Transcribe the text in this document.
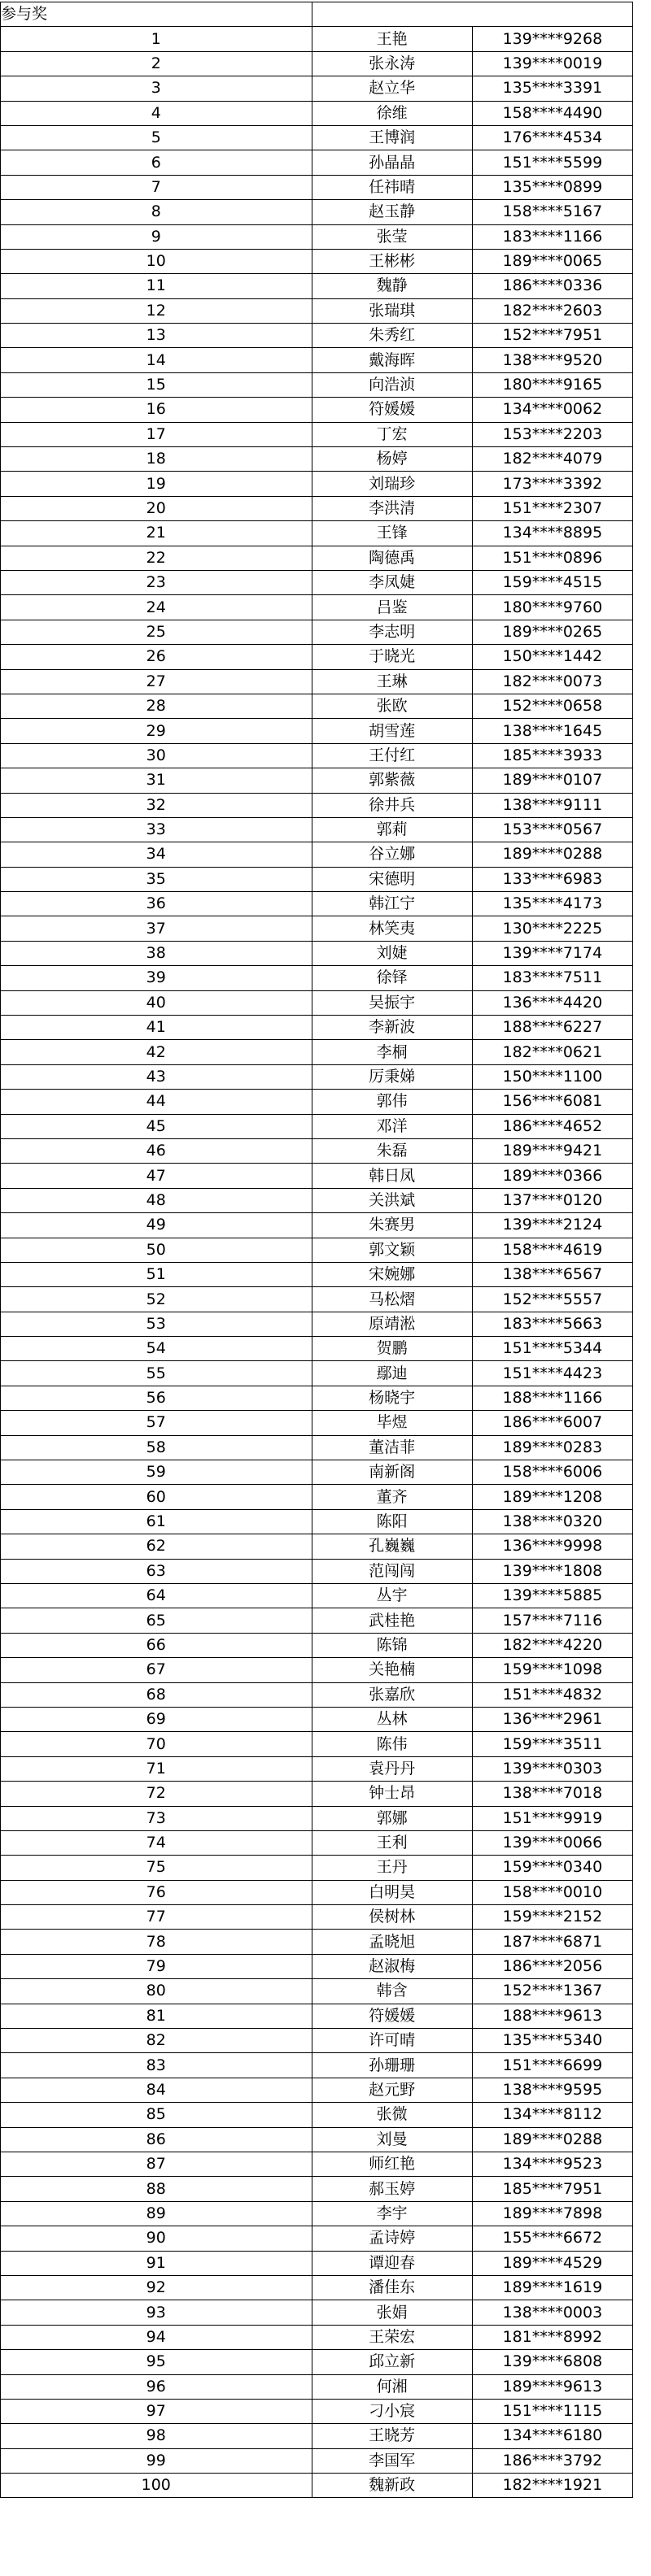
参与奖		
1	王艳	139****9268
2	张永涛	139****0019
3	赵立华	135****3391
4	徐维	158****4490
5	王博润	176****4534
6	孙晶晶	151****5599
7	任祎晴	135****0899
8	赵玉静	158****5167
9	张莹	183****1166
10	王彬彬	189****0065
11	魏静	186****0336
12	张瑞琪	182****2603
13	朱秀红	152****7951
14	戴海晖	138****9520
15	向浩浈	180****9165
16	符媛媛	134****0062
17	丁宏	153****2203
18	杨婷	182****4079
19	刘瑞珍	173****3392
20	李洪清	151****2307
21	王锋	134****8895
22	陶德禹	151****0896
23	李凤婕	159****4515
24	吕鉴	180****9760
25	李志明	189****0265
26	于晓光	150****1442
27	王琳	182****0073
28	张欧	152****0658
29	胡雪莲	138****1645
30	王付红	185****3933
31	郭紫薇	189****0107
32	徐井兵	138****9111
33	郭莉	153****0567
34	谷立娜	189****0288
35	宋德明	133****6983
36	韩江宁	135****4173
37	林笑夷	130****2225
38	刘婕	139****7174
39	徐铎	183****7511
40	吴振宇	136****4420
41	李新波	188****6227
42	李桐	182****0621
43	厉秉娣	150****1100
44	郭伟	156****6081
45	邓洋	186****4652
46	朱磊	189****9421
47	韩日凤	189****0366
48	关洪斌	137****0120
49	朱赛男	139****2124
50	郭文颖	158****4619
51	宋婉娜	138****6567
52	马松熠	152****5557
53	原靖淞	183****5663
54	贺鹏	151****5344
55	鄢迪	151****4423
56	杨晓宇	188****1166
57	毕煜	186****6007
58	董洁菲	189****0283
59	南新阁	158****6006
60	董齐	189****1208
61	陈阳	138****0320
62	孔巍巍	136****9998
63	范闯闯	139****1808
64	丛宇	139****5885
65	武桂艳	157****7116
66	陈锦	182****4220
67	关艳楠	159****1098
68	张嘉欣	151****4832
69	丛林	136****2961
70	陈伟	159****3511
71	袁丹丹	139****0303
72	钟士昂	138****7018
73	郭娜	151****9919
74	王利	139****0066
75	王丹	159****0340
76	白明昊	158****0010
77	侯树林	159****2152
78	孟晓旭	187****6871
79	赵淑梅	186****2056
80	韩含	152****1367
81	符媛媛	188****9613
82	许可晴	135****5340
83	孙珊珊	151****6699
84	赵元野	138****9595
85	张微	134****8112
86	刘曼	189****0288
87	师红艳	134****9523
88	郝玉婷	185****7951
89	李宇	189****7898
90	孟诗婷	155****6672
91	谭迎春	189****4529
92	潘佳东	189****1619
93	张娟	138****0003
94	王荣宏	181****8992
95	邱立新	139****6808
96	何湘	189****9613
97	刁小宸	151****1115
98	王晓芳	134****6180
99	李国军	186****3792
100	魏新政	182****1921
